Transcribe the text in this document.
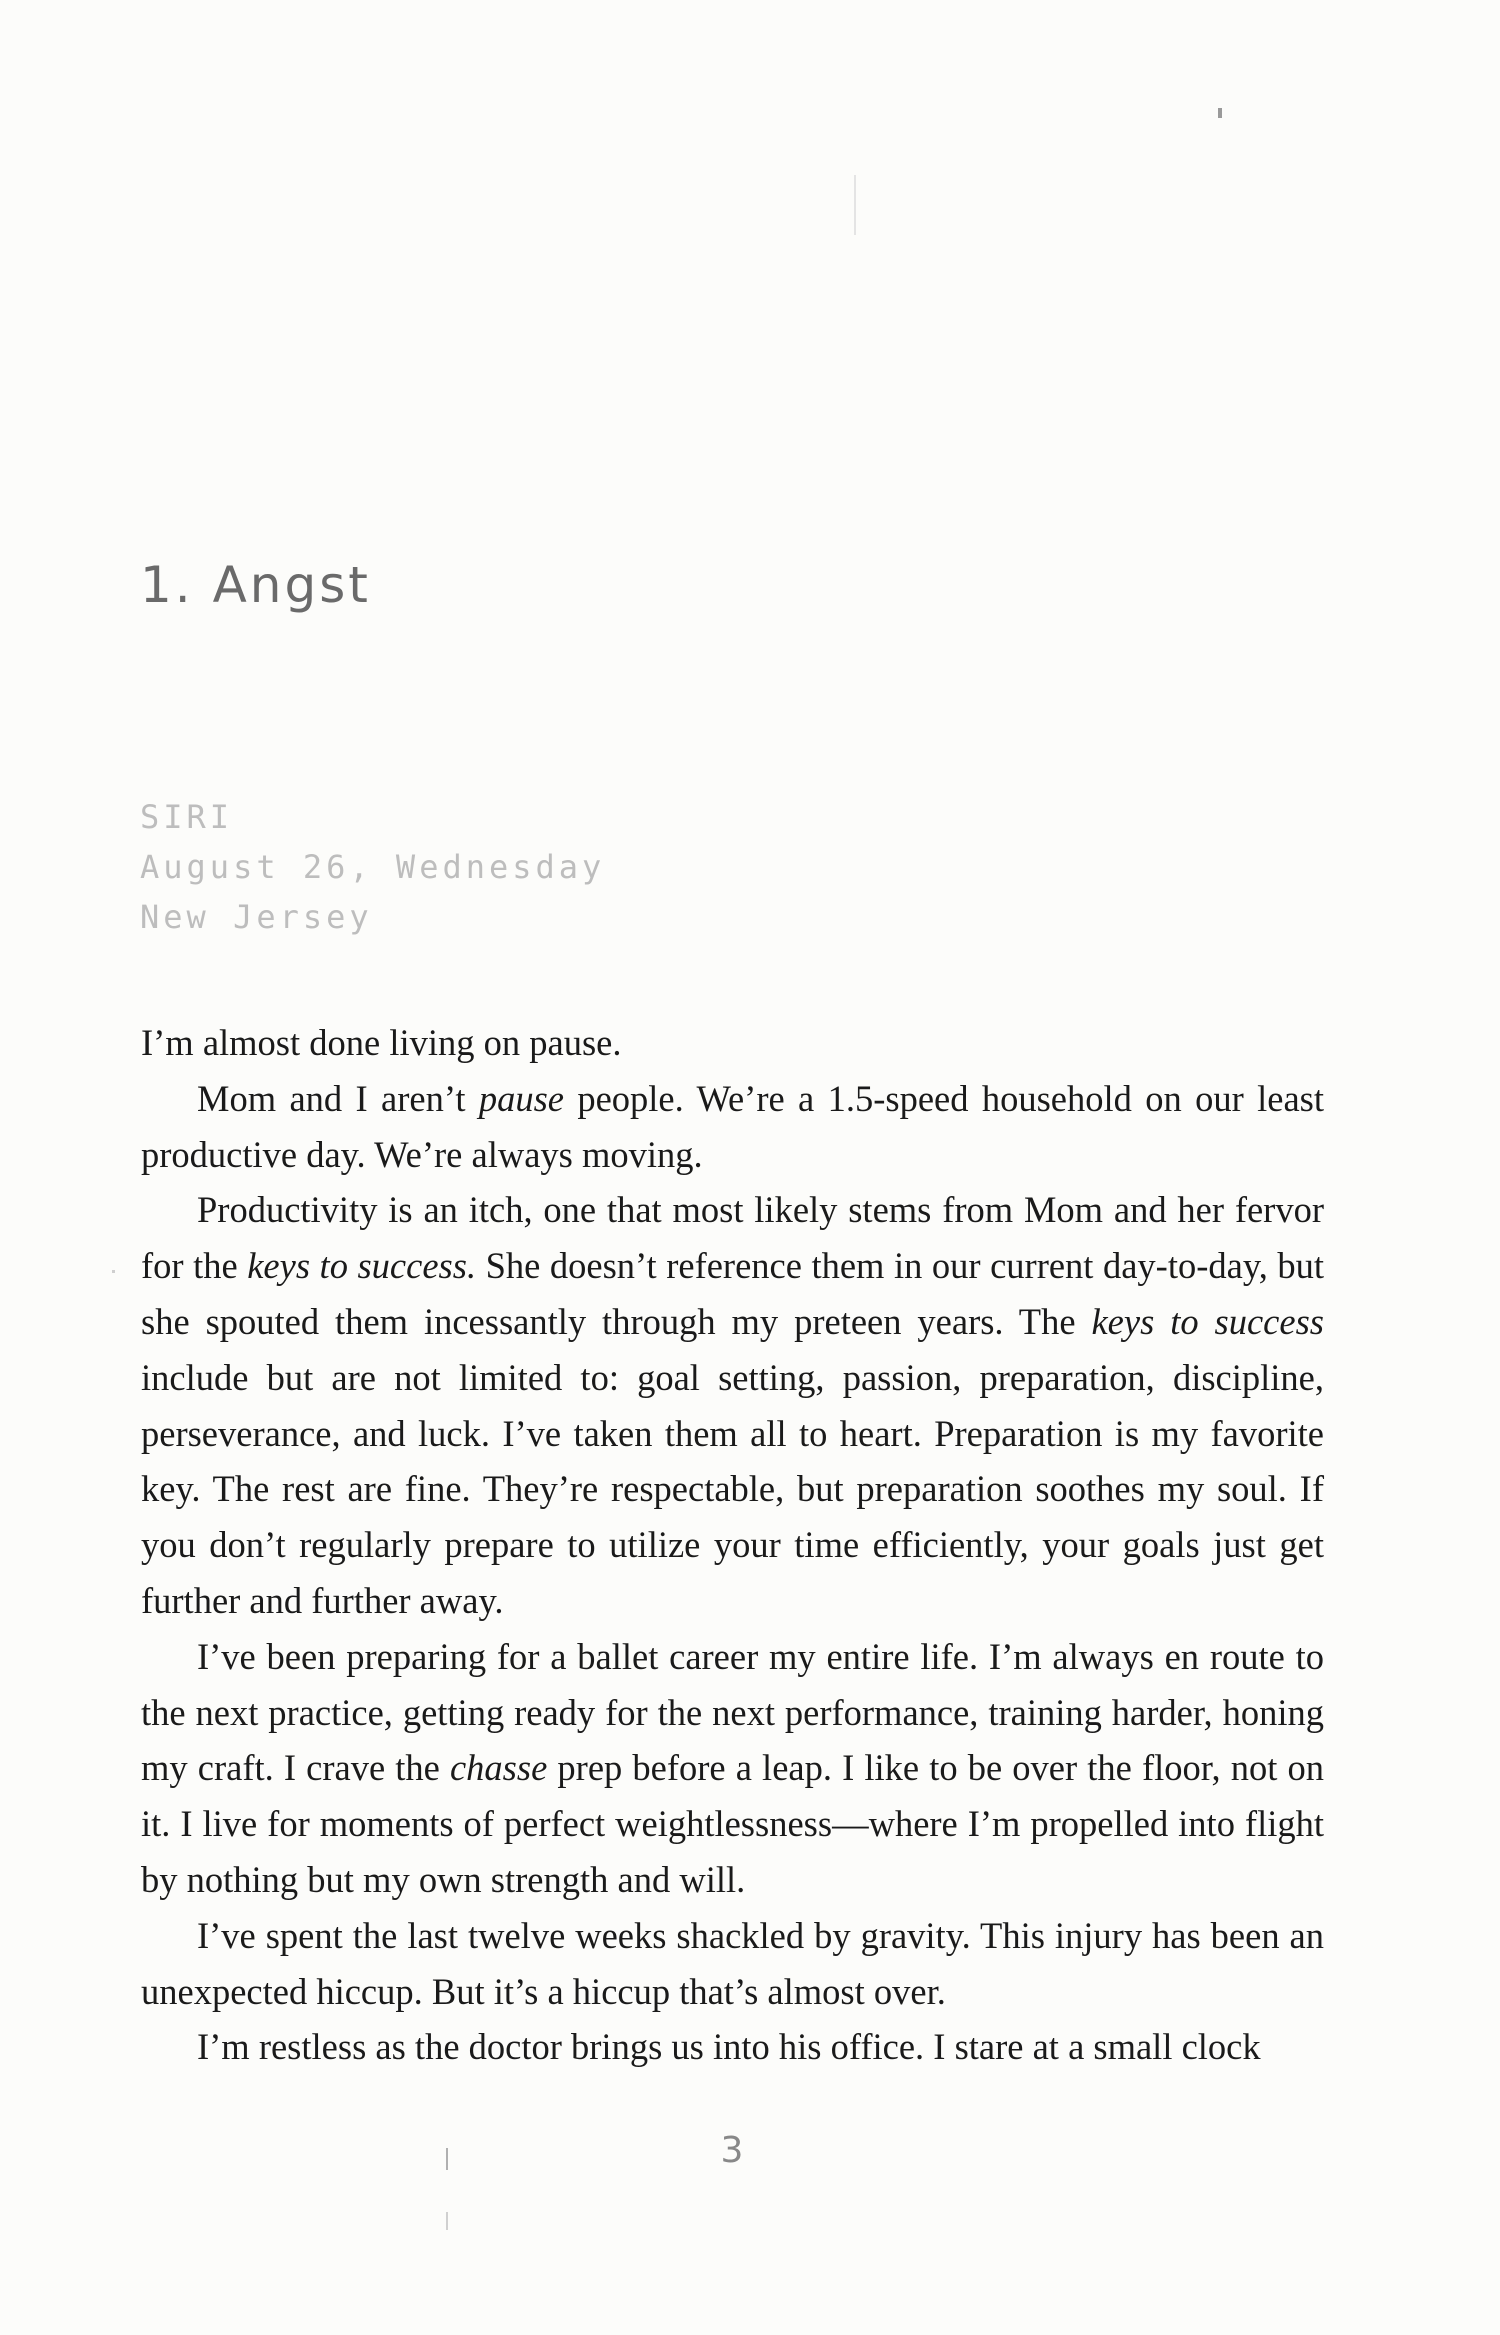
1. Angst
SIRI
August 26, Wednesday
New Jersey

I’m almost done living on pause.

Mom and I aren’t pause people. We’re a 1.5-speed household on our least productive day. We’re always moving.

Productivity is an itch, one that most likely stems from Mom and her fervor for the keys to success. She doesn’t reference them in our current day-to-day, but she spouted them incessantly through my preteen years. The keys to success include but are not limited to: goal setting, passion, preparation, discipline, perseverance, and luck. I’ve taken them all to heart. Preparation is my favorite key. The rest are fine. They’re respectable, but preparation soothes my soul. If you don’t regularly prepare to utilize your time efficiently, your goals just get further and further away.

I’ve been preparing for a ballet career my entire life. I’m always en route to the next practice, getting ready for the next performance, training harder, honing my craft. I crave the chasse prep before a leap. I like to be over the floor, not on it. I live for moments of perfect weightlessness—where I’m propelled into flight by nothing but my own strength and will.

I’ve spent the last twelve weeks shackled by gravity. This injury has been an unexpected hiccup. But it’s a hiccup that’s almost over.

I’m restless as the doctor brings us into his office. I stare at a small clock

3
